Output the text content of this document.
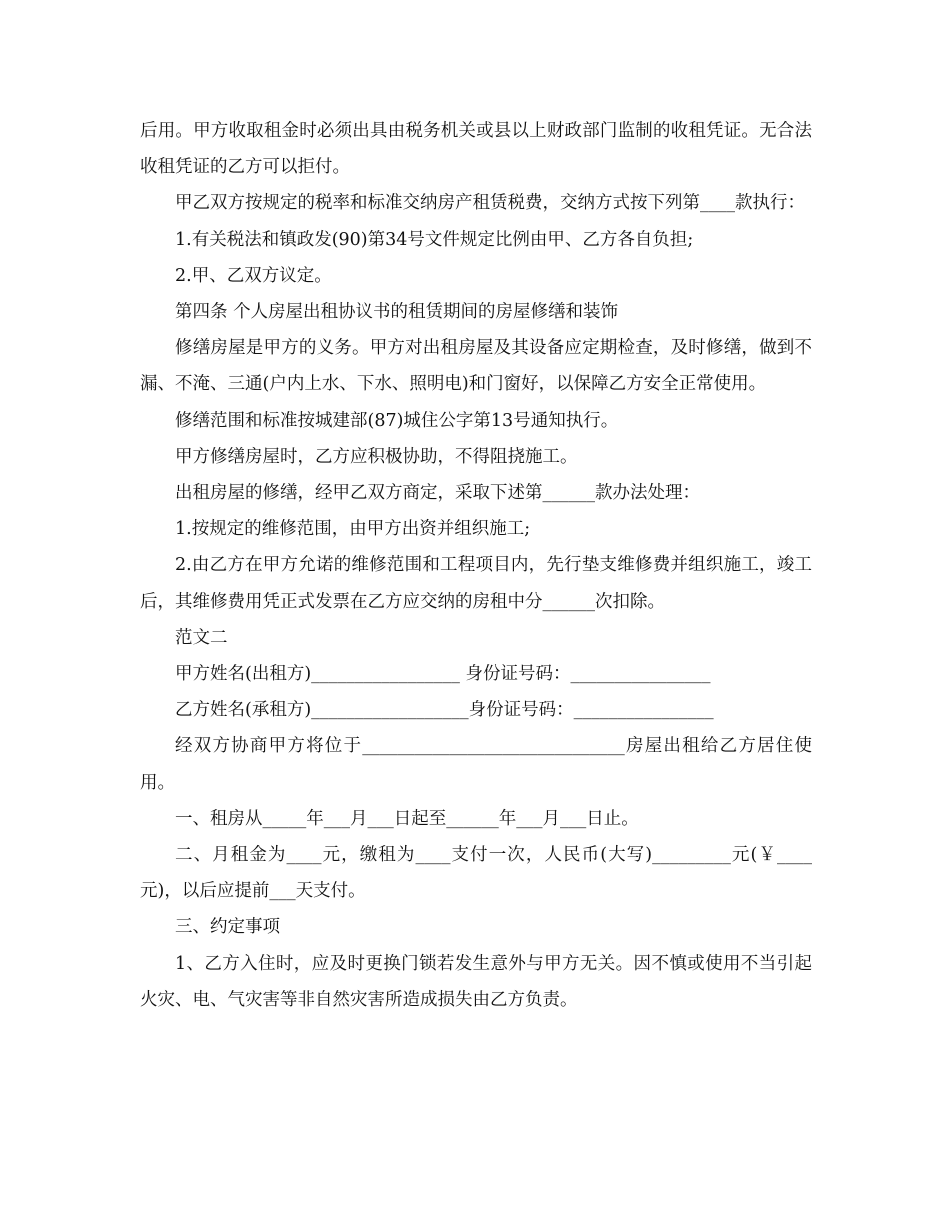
后用。甲方收取租金时必须出具由税务机关或县以上财政部门监制的收租凭证。无合法收租凭证的乙方可以拒付。

甲乙双方按规定的税率和标准交纳房产租赁税费，交纳方式按下列第____款执行：

1.有关税法和镇政发(90)第34号文件规定比例由甲、乙方各自负担;

2.甲、乙双方议定。

第四条 个人房屋出租协议书的租赁期间的房屋修缮和装饰

修缮房屋是甲方的义务。甲方对出租房屋及其设备应定期检查，及时修缮，做到不漏、不淹、三通(户内上水、下水、照明电)和门窗好，以保障乙方安全正常使用。

修缮范围和标准按城建部(87)城住公字第13号通知执行。

甲方修缮房屋时，乙方应积极协助，不得阻挠施工。

出租房屋的修缮，经甲乙双方商定，采取下述第______款办法处理：

1.按规定的维修范围，由甲方出资并组织施工;

2.由乙方在甲方允诺的维修范围和工程项目内，先行垫支维修费并组织施工，竣工后，其维修费用凭正式发票在乙方应交纳的房租中分______次扣除。

范文二

甲方姓名(出租方)_________________ 身份证号码：________________

乙方姓名(承租方)__________________身份证号码：________________

经双方协商甲方将位于______________________________房屋出租给乙方居住使用。

一、租房从_____年___月___日起至______年___月___日止。

二、月租金为____元，缴租为____支付一次，人民币(大写)_________元(￥____元)，以后应提前___天支付。

三、约定事项

1、乙方入住时，应及时更换门锁若发生意外与甲方无关。因不慎或使用不当引起火灾、电、气灾害等非自然灾害所造成损失由乙方负责。
